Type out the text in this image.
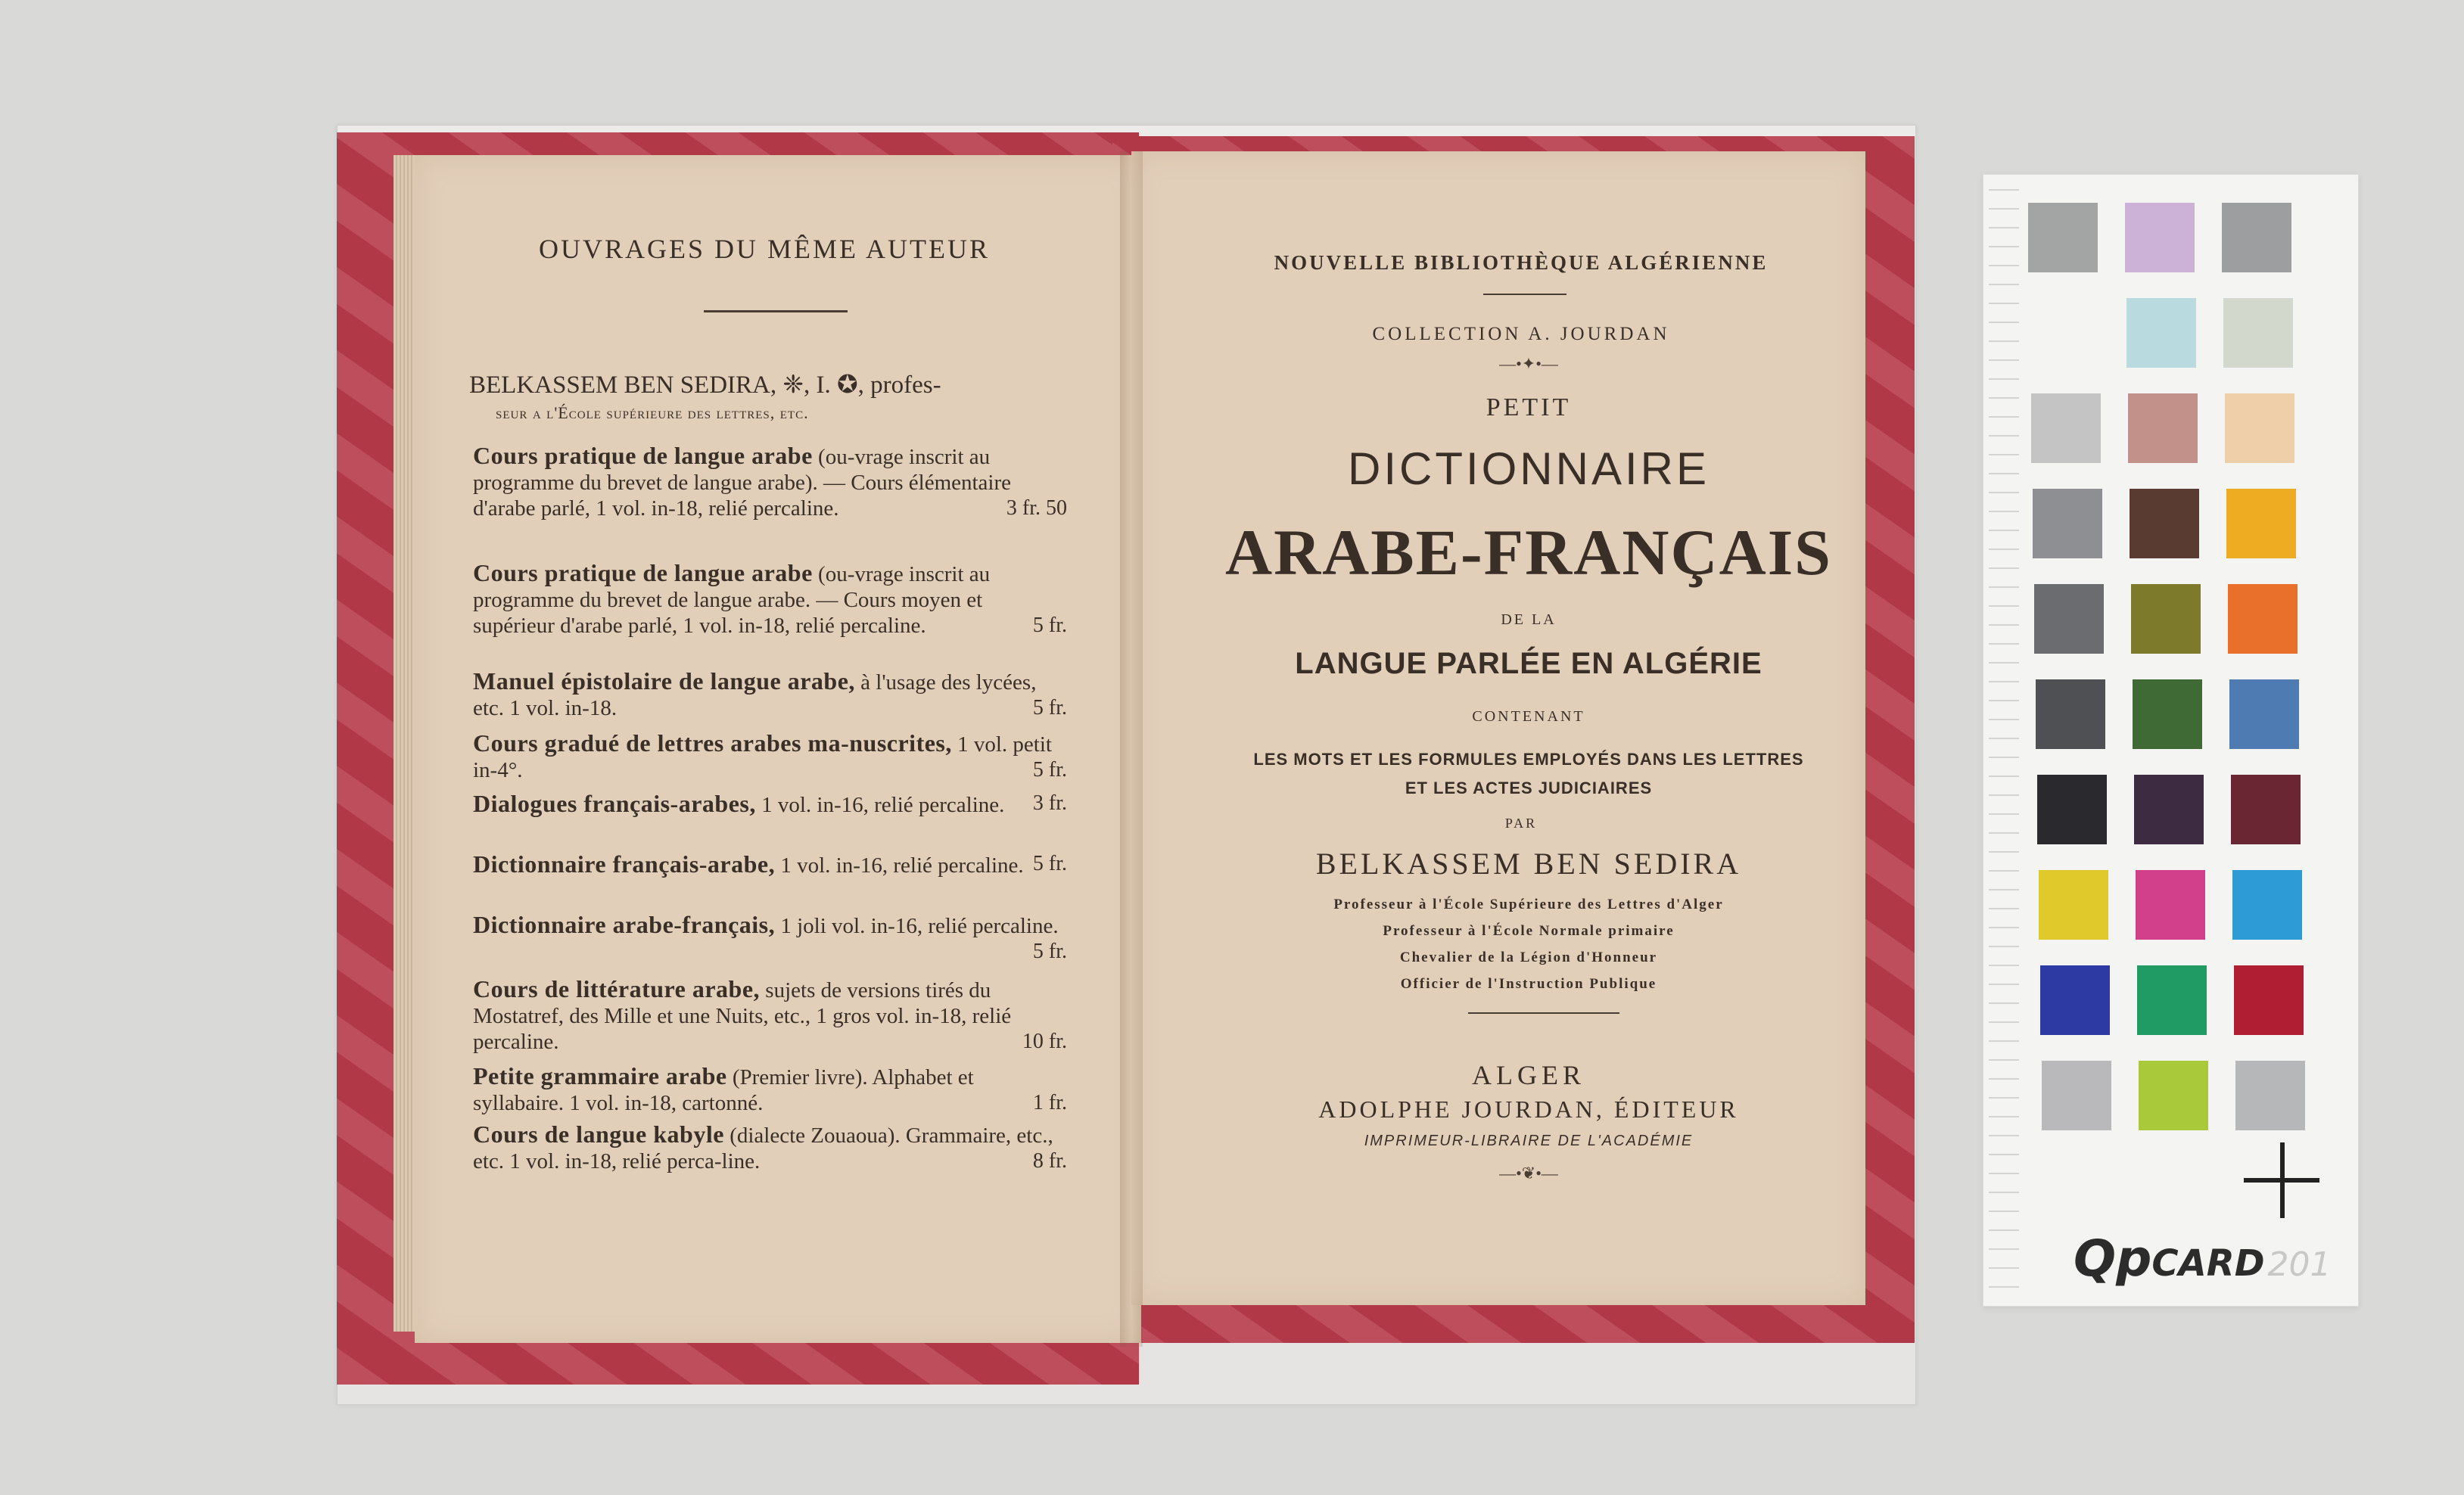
OUVRAGES DU MÊME AUTEUR
BELKASSEM BEN SEDIRA, ❈, I. ✪, profes-
seur a l'École supérieure des lettres, etc.
Cours pratique de langue arabe (ou-vrage inscrit au programme du brevet de langue arabe). — Cours élémentaire d'arabe parlé, 1 vol. in-18, relié percaline.	3 fr. 50
Cours pratique de langue arabe (ou-vrage inscrit au programme du brevet de langue arabe. — Cours moyen et supérieur d'arabe parlé, 1 vol. in-18, relié percaline.	5 fr.
Manuel épistolaire de langue arabe, à l'usage des lycées, etc. 1 vol. in-18.	5 fr.
Cours gradué de lettres arabes ma-nuscrites, 1 vol. petit in-4°.	5 fr.
Dialogues français-arabes, 1 vol. in-16, relié percaline. 3 fr.
Dictionnaire français-arabe, 1 vol. in-16, relié percaline. 5 fr.
Dictionnaire arabe-français, 1 joli vol. in-16, relié percaline.
5 fr.
Cours de littérature arabe, sujets de versions tirés du Mostatref, des Mille et une Nuits, etc., 1 gros vol. in-18, relié percaline.	10 fr.
Petite grammaire arabe (Premier livre). Alphabet et syllabaire. 1 vol. in-18, cartonné.	1 fr.
Cours de langue kabyle (dialecte Zouaoua). Grammaire, etc., etc. 1 vol. in-18, relié perca-line.	8 fr.
NOUVELLE BIBLIOTHÈQUE ALGÉRIENNE
COLLECTION A. JOURDAN
—•✦•—
PETIT
DICTIONNAIRE
ARABE-FRANÇAIS
DE LA
LANGUE PARLÉE EN ALGÉRIE
CONTENANT
LES MOTS ET LES FORMULES EMPLOYÉS DANS LES LETTRES
ET LES ACTES JUDICIAIRES
PAR
BELKASSEM BEN SEDIRA
Professeur à l'École Supérieure des Lettres d'Alger
Professeur à l'École Normale primaire
Chevalier de la Légion d'Honneur
Officier de l'Instruction Publique
ALGER
ADOLPHE JOURDAN, ÉDITEUR
IMPRIMEUR-LIBRAIRE DE L'ACADÉMIE
—•❦•—
QpCARD 201
